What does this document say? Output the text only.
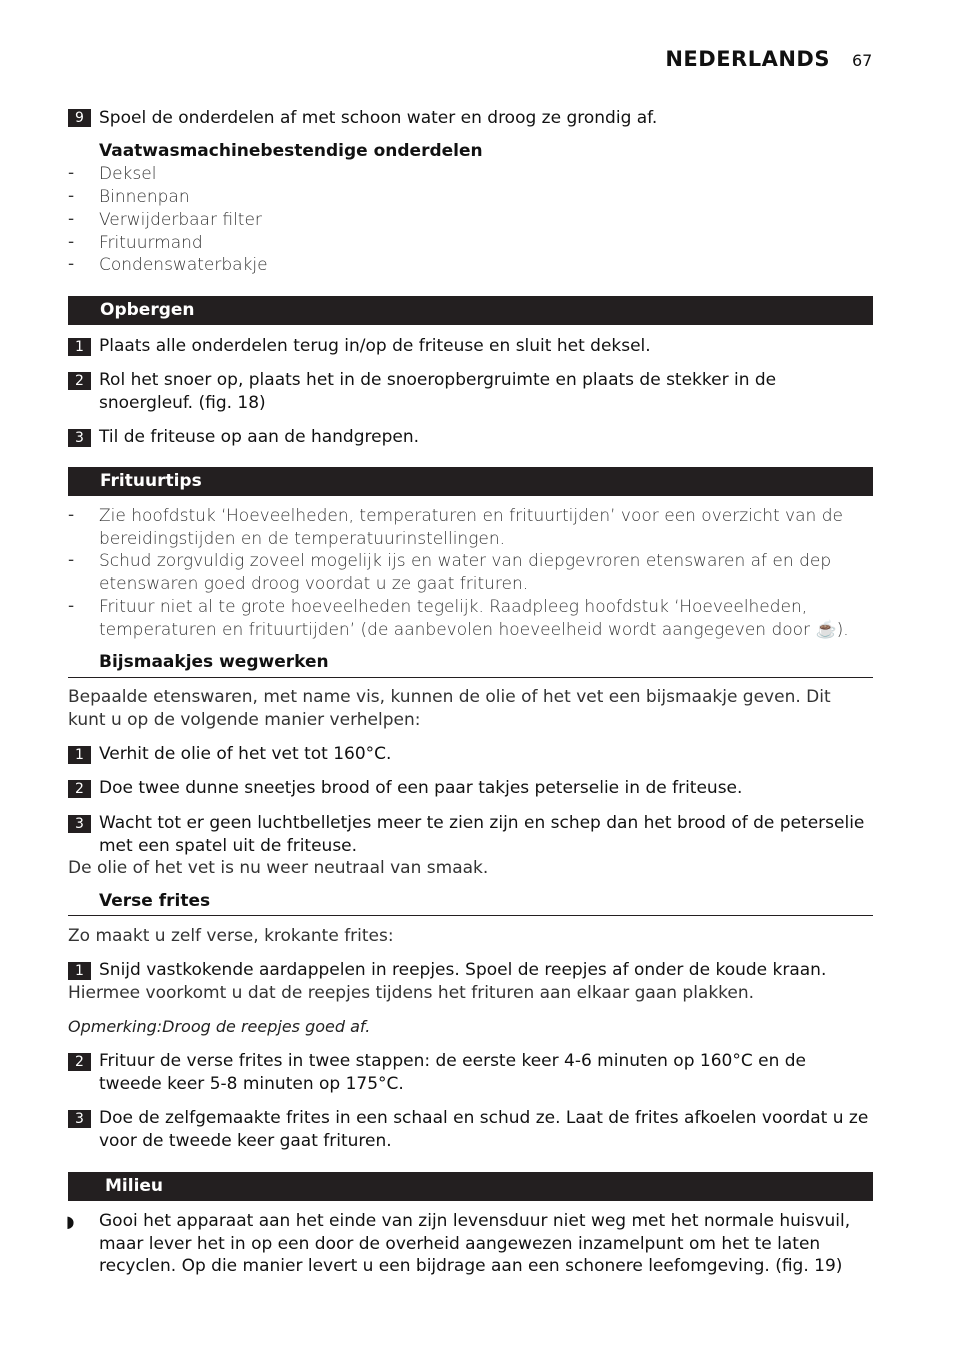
NEDERLANDS 67
9 Spoel de onderdelen af met schoon water en droog ze grondig af.
Vaatwasmachinebestendige onderdelen
- Deksel
- Binnenpan
- Verwijderbaar filter
- Frituurmand
- Condenswaterbakje
Opbergen
1 Plaats alle onderdelen terug in/op de friteuse en sluit het deksel.
2 Rol het snoer op, plaats het in de snoeropbergruimte en plaats de stekker in de snoergleuf. (fig. 18)
3 Til de friteuse op aan de handgrepen.
Frituurtips
- Zie hoofdstuk ‘Hoeveelheden, temperaturen en frituurtijden’ voor een overzicht van de bereidingstijden en de temperatuurinstellingen.
- Schud zorgvuldig zoveel mogelijk ijs en water van diepgevroren etenswaren af en dep etenswaren goed droog voordat u ze gaat frituren.
- Frituur niet al te grote hoeveelheden tegelijk. Raadpleeg hoofdstuk ‘Hoeveelheden, temperaturen en frituurtijden’ (de aanbevolen hoeveelheid wordt aangegeven door ☕).
Bijsmaakjes wegwerken
Bepaalde etenswaren, met name vis, kunnen de olie of het vet een bijsmaakje geven. Dit kunt u op de volgende manier verhelpen:
1 Verhit de olie of het vet tot 160°C.
2 Doe twee dunne sneetjes brood of een paar takjes peterselie in de friteuse.
3 Wacht tot er geen luchtbelletjes meer te zien zijn en schep dan het brood of de peterselie met een spatel uit de friteuse.
De olie of het vet is nu weer neutraal van smaak.
Verse frites
Zo maakt u zelf verse, krokante frites:
1 Snijd vastkokende aardappelen in reepjes. Spoel de reepjes af onder de koude kraan.
Hiermee voorkomt u dat de reepjes tijdens het frituren aan elkaar gaan plakken.
Opmerking:Droog de reepjes goed af.
2 Frituur de verse frites in twee stappen: de eerste keer 4-6 minuten op 160°C en de tweede keer 5-8 minuten op 175°C.
3 Doe de zelfgemaakte frites in een schaal en schud ze. Laat de frites afkoelen voordat u ze voor de tweede keer gaat frituren.
Milieu
◗ Gooi het apparaat aan het einde van zijn levensduur niet weg met het normale huisvuil, maar lever het in op een door de overheid aangewezen inzamelpunt om het te laten recyclen. Op die manier levert u een bijdrage aan een schonere leefomgeving. (fig. 19)
